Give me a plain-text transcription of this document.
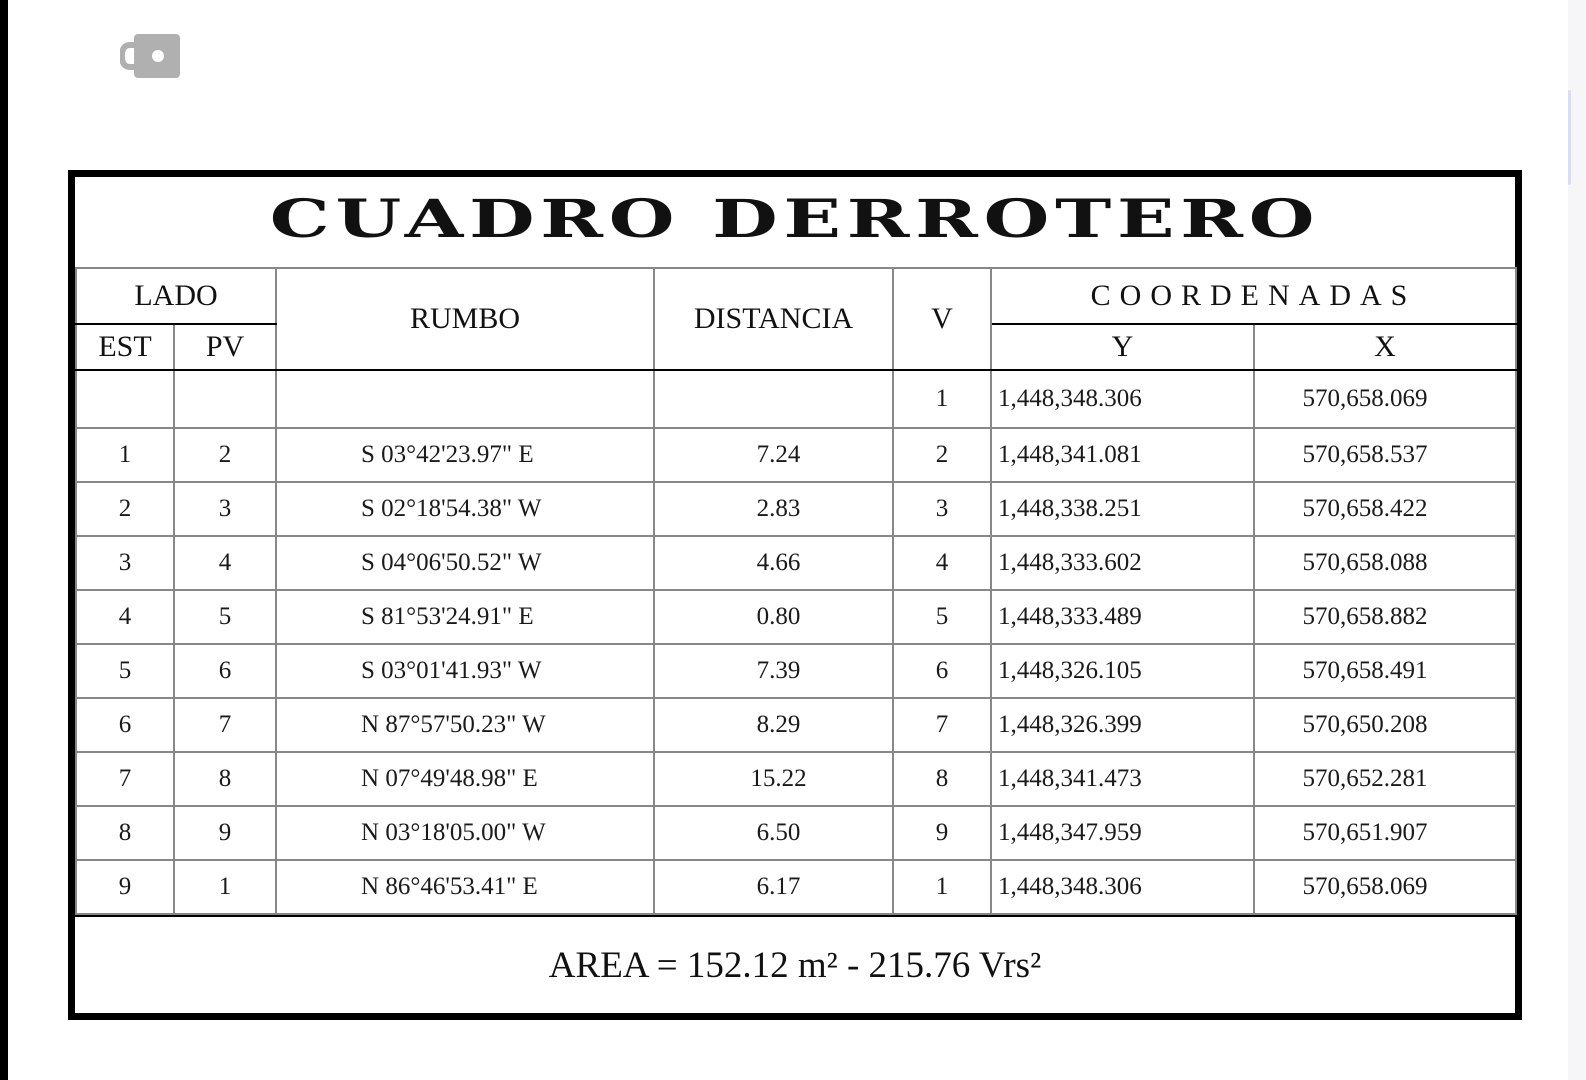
CUADRO DERROTERO
LADO		RUMBO	DISTANCIA	V	COORDENADAS	
EST	PV				Y	X
				1	1,448,348.306	570,658.069
1	2	S 03°42'23.97" E	7.24	2	1,448,341.081	570,658.537
2	3	S 02°18'54.38" W	2.83	3	1,448,338.251	570,658.422
3	4	S 04°06'50.52" W	4.66	4	1,448,333.602	570,658.088
4	5	S 81°53'24.91" E	0.80	5	1,448,333.489	570,658.882
5	6	S 03°01'41.93" W	7.39	6	1,448,326.105	570,658.491
6	7	N 87°57'50.23" W	8.29	7	1,448,326.399	570,650.208
7	8	N 07°49'48.98" E	15.22	8	1,448,341.473	570,652.281
8	9	N 03°18'05.00" W	6.50	9	1,448,347.959	570,651.907
9	1	N 86°46'53.41" E	6.17	1	1,448,348.306	570,658.069
AREA = 152.12 m² - 215.76 Vrs²
